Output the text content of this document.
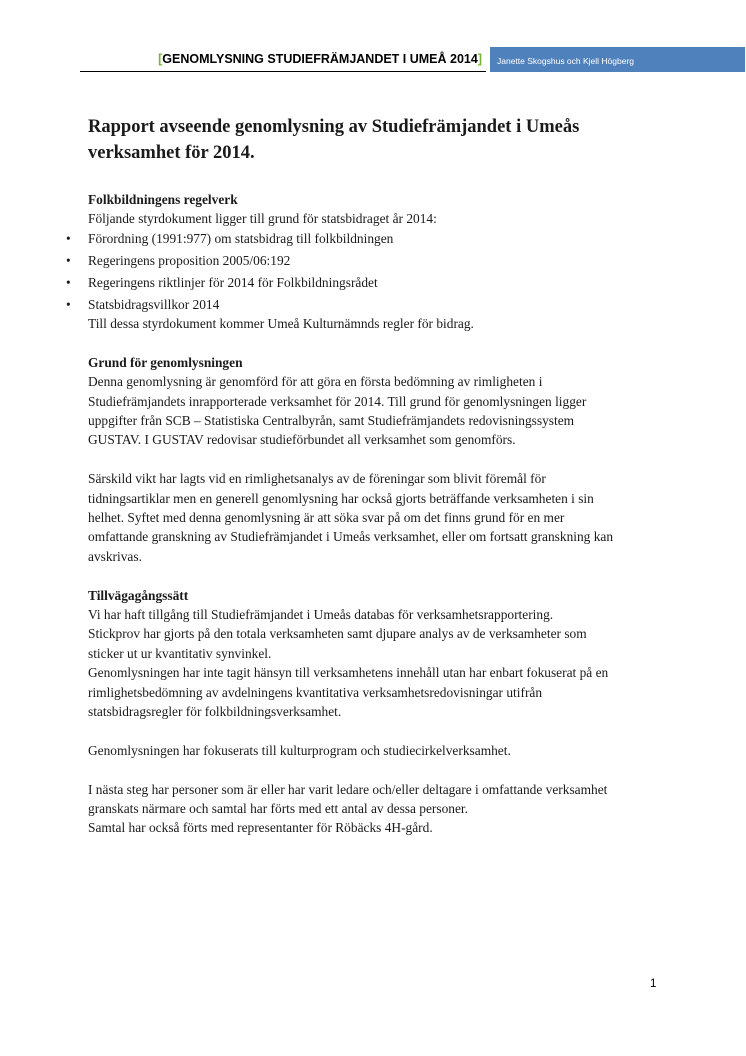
[GENOMLYSNING STUDIEFRÄMJANDET I UMEÅ 2014]	Janette Skogshus och Kjell Högberg
Rapport avseende genomlysning av Studiefrämjandet i Umeås
verksamhet för 2014.

Folkbildningens regelverk

Följande styrdokument ligger till grund för statsbidraget år 2014:

• Förordning (1991:977) om statsbidrag till folkbildningen
• Regeringens proposition 2005/06:192
• Regeringens riktlinjer för 2014 för Folkbildningsrådet
• Statsbidragsvillkor 2014
Till dessa styrdokument kommer Umeå Kulturnämnds regler för bidrag.

Grund för genomlysningen

Denna genomlysning är genomförd för att göra en första bedömning av rimligheten i
Studiefrämjandets inrapporterade verksamhet för 2014. Till grund för genomlysningen ligger
uppgifter från SCB – Statistiska Centralbyrån, samt Studiefrämjandets redovisningssystem
GUSTAV. I GUSTAV redovisar studieförbundet all verksamhet som genomförs.

Särskild vikt har lagts vid en rimlighetsanalys av de föreningar som blivit föremål för
tidningsartiklar men en generell genomlysning har också gjorts beträffande verksamheten i sin
helhet. Syftet med denna genomlysning är att söka svar på om det finns grund för en mer
omfattande granskning av Studiefrämjandet i Umeås verksamhet, eller om fortsatt granskning kan
avskrivas.

Tillvägagångssätt

Vi har haft tillgång till Studiefrämjandet i Umeås databas för verksamhetsrapportering.
Stickprov har gjorts på den totala verksamheten samt djupare analys av de verksamheter som
sticker ut ur kvantitativ synvinkel.
Genomlysningen har inte tagit hänsyn till verksamhetens innehåll utan har enbart fokuserat på en
rimlighetsbedömning av avdelningens kvantitativa verksamhetsredovisningar utifrån
statsbidragsregler för folkbildningsverksamhet.

Genomlysningen har fokuserats till kulturprogram och studiecirkelverksamhet.

I nästa steg har personer som är eller har varit ledare och/eller deltagare i omfattande verksamhet
granskats närmare och samtal har förts med ett antal av dessa personer.
Samtal har också förts med representanter för Röbäcks 4H-gård.

1
